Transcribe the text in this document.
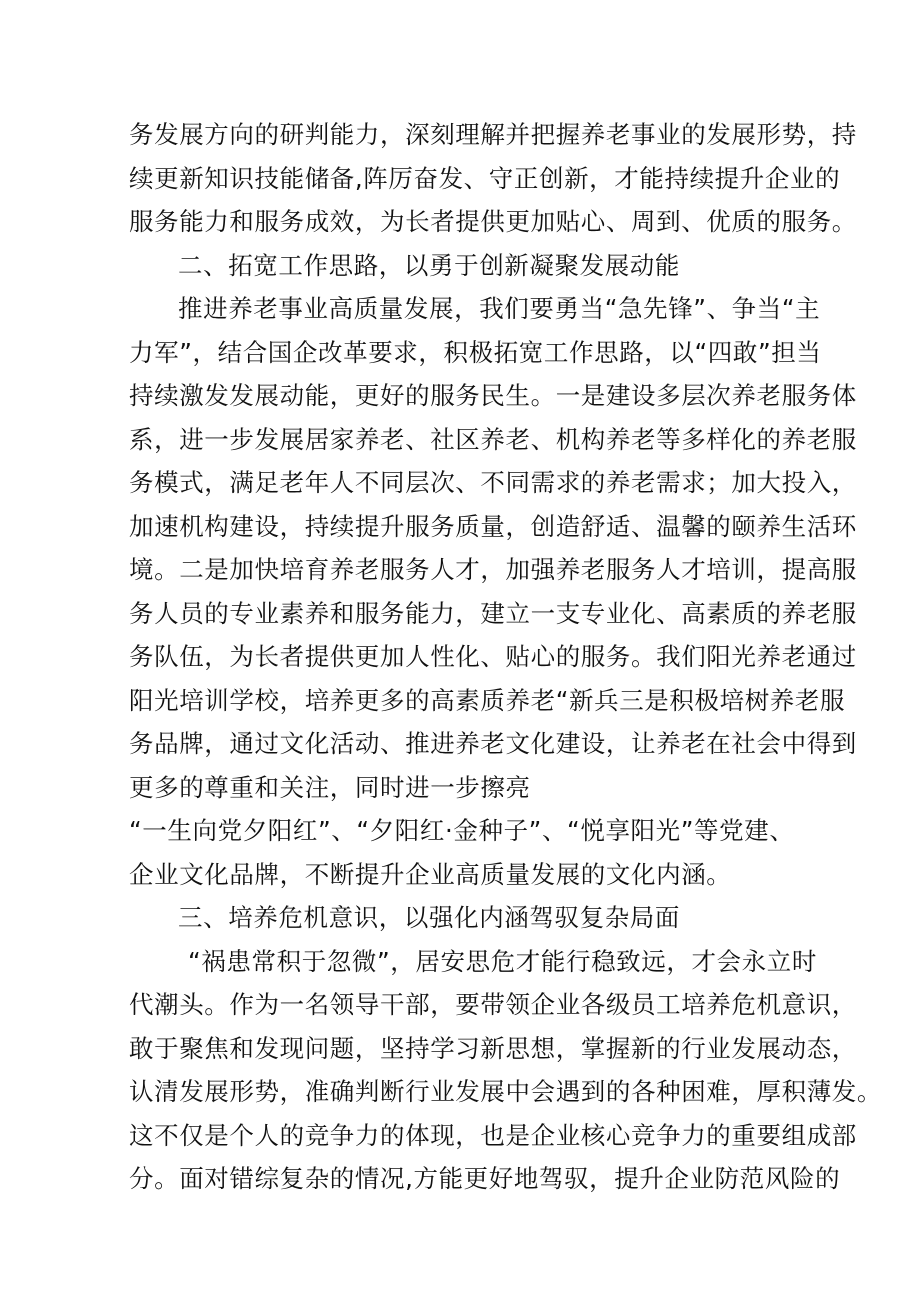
务发展方向的研判能力，深刻理解并把握养老事业的发展形势，持

续更新知识技能储备,阵厉奋发、守正创新，才能持续提升企业的

服务能力和服务成效，为长者提供更加贴心、周到、优质的服务。

二、拓宽工作思路，以勇于创新凝聚发展动能

推进养老事业高质量发展，我们要勇当“急先锋”、争当“主

力军”，结合国企改革要求，积极拓宽工作思路，以“四敢”担当

持续激发发展动能，更好的服务民生。一是建设多层次养老服务体

系，进一步发展居家养老、社区养老、机构养老等多样化的养老服

务模式，满足老年人不同层次、不同需求的养老需求；加大投入，

加速机构建设，持续提升服务质量，创造舒适、温馨的颐养生活环

境。二是加快培育养老服务人才，加强养老服务人才培训，提高服

务人员的专业素养和服务能力，建立一支专业化、高素质的养老服

务队伍，为长者提供更加人性化、贴心的服务。我们阳光养老通过

阳光培训学校，培养更多的高素质养老“新兵三是积极培树养老服

务品牌，通过文化活动、推进养老文化建设，让养老在社会中得到

更多的尊重和关注，同时进一步擦亮

“一生向党夕阳红”、“夕阳红·金种子”、“悦享阳光”等党建、

企业文化品牌，不断提升企业高质量发展的文化内涵。

三、培养危机意识，以强化内涵驾驭复杂局面

“祸患常积于忽微”，居安思危才能行稳致远，才会永立时

代潮头。作为一名领导干部，要带领企业各级员工培养危机意识，

敢于聚焦和发现问题，坚持学习新思想，掌握新的行业发展动态，

认清发展形势，准确判断行业发展中会遇到的各种困难，厚积薄发。

这不仅是个人的竞争力的体现，也是企业核心竞争力的重要组成部

分。面对错综复杂的情况,方能更好地驾驭，提升企业防范风险的
